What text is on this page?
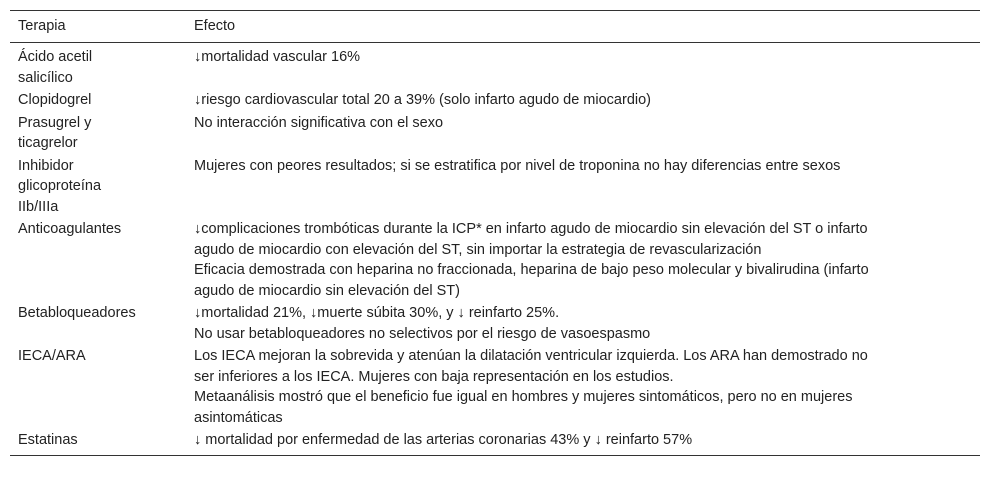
Terapia	Efecto

Ácido acetil
salicílico	↓mortalidad vascular 16%

Clopidogrel	↓riesgo cardiovascular total 20 a 39% (solo infarto agudo de miocardio)

Prasugrel y
ticagrelor	No interacción significativa con el sexo

Inhibidor
glicoproteína
IIb/IIIa	Mujeres con peores resultados; si se estratifica por nivel de troponina no hay diferencias entre sexos

Anticoagulantes	↓complicaciones trombóticas durante la ICP* en infarto agudo de miocardio sin elevación del ST o infarto
agudo de miocardio con elevación del ST, sin importar la estrategia de revascularización
Eficacia demostrada con heparina no fraccionada, heparina de bajo peso molecular y bivalirudina (infarto
agudo de miocardio sin elevación del ST)

Betabloqueadores	↓mortalidad 21%, ↓muerte súbita 30%, y ↓ reinfarto 25%.
No usar betabloqueadores no selectivos por el riesgo de vasoespasmo

IECA/ARA	Los IECA mejoran la sobrevida y atenúan la dilatación ventricular izquierda. Los ARA han demostrado no
ser inferiores a los IECA. Mujeres con baja representación en los estudios.
Metaanálisis mostró que el beneficio fue igual en hombres y mujeres sintomáticos, pero no en mujeres
asintomáticas

Estatinas	↓ mortalidad por enfermedad de las arterias coronarias 43% y ↓ reinfarto 57%
